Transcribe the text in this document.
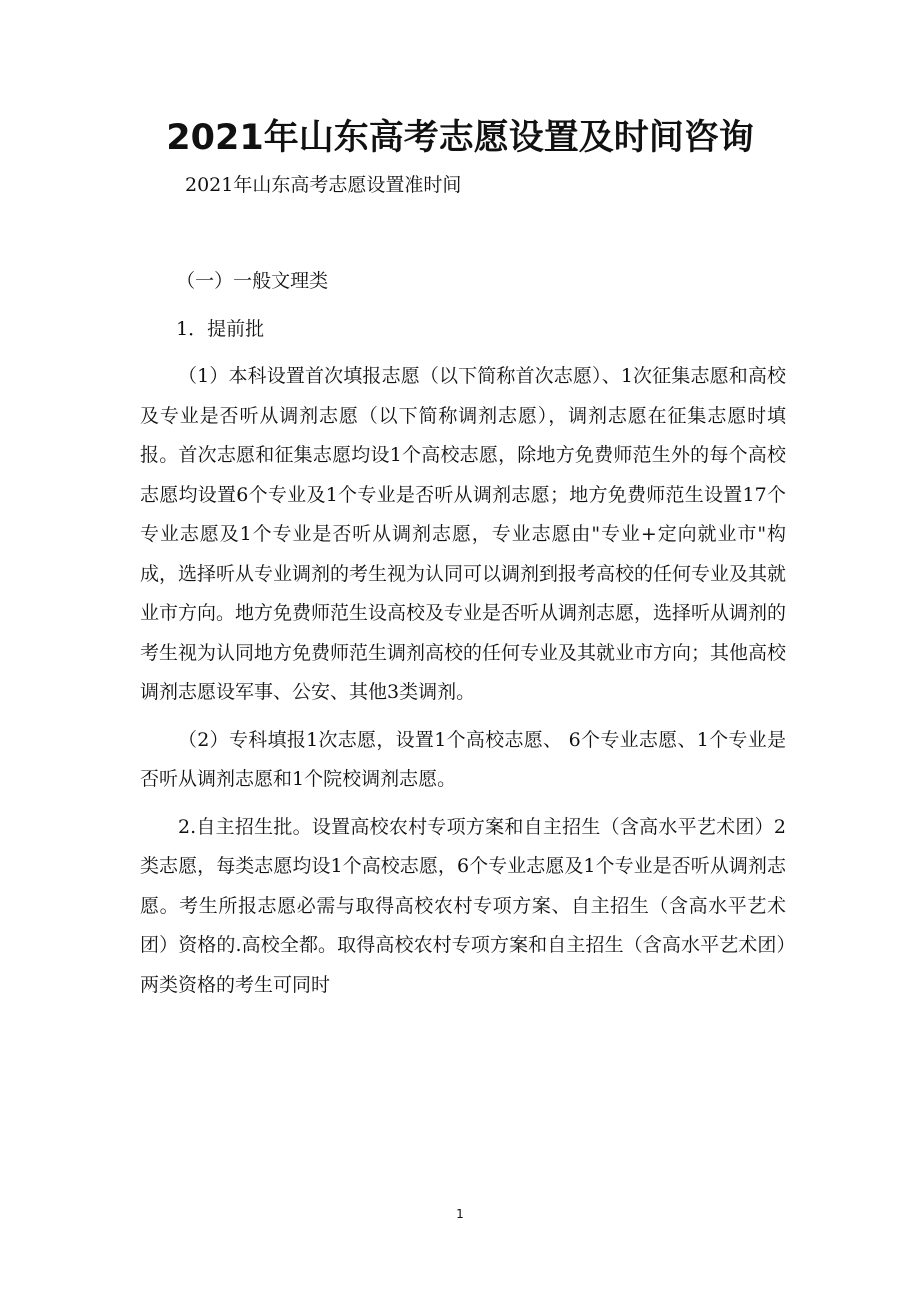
2021年山东高考志愿设置及时间咨询

2021年山东高考志愿设置准时间

（一）一般文理类

1．提前批

（1）本科设置首次填报志愿（以下简称首次志愿）、1次征集志愿和高校及专业是否听从调剂志愿（以下简称调剂志愿），调剂志愿在征集志愿时填报。首次志愿和征集志愿均设1个高校志愿，除地方免费师范生外的每个高校志愿均设置6个专业及1个专业是否听从调剂志愿；地方免费师范生设置17个专业志愿及1个专业是否听从调剂志愿，专业志愿由"专业+定向就业市"构成，选择听从专业调剂的考生视为认同可以调剂到报考高校的任何专业及其就业市方向。地方免费师范生设高校及专业是否听从调剂志愿，选择听从调剂的考生视为认同地方免费师范生调剂高校的任何专业及其就业市方向；其他高校调剂志愿设军事、公安、其他3类调剂。

（2）专科填报1次志愿，设置1个高校志愿、 6个专业志愿、1个专业是否听从调剂志愿和1个院校调剂志愿。

2.自主招生批。设置高校农村专项方案和自主招生（含高水平艺术团）2类志愿，每类志愿均设1个高校志愿，6个专业志愿及1个专业是否听从调剂志愿。考生所报志愿必需与取得高校农村专项方案、自主招生（含高水平艺术团）资格的.高校全都。取得高校农村专项方案和自主招生（含高水平艺术团）两类资格的考生可同时

1
